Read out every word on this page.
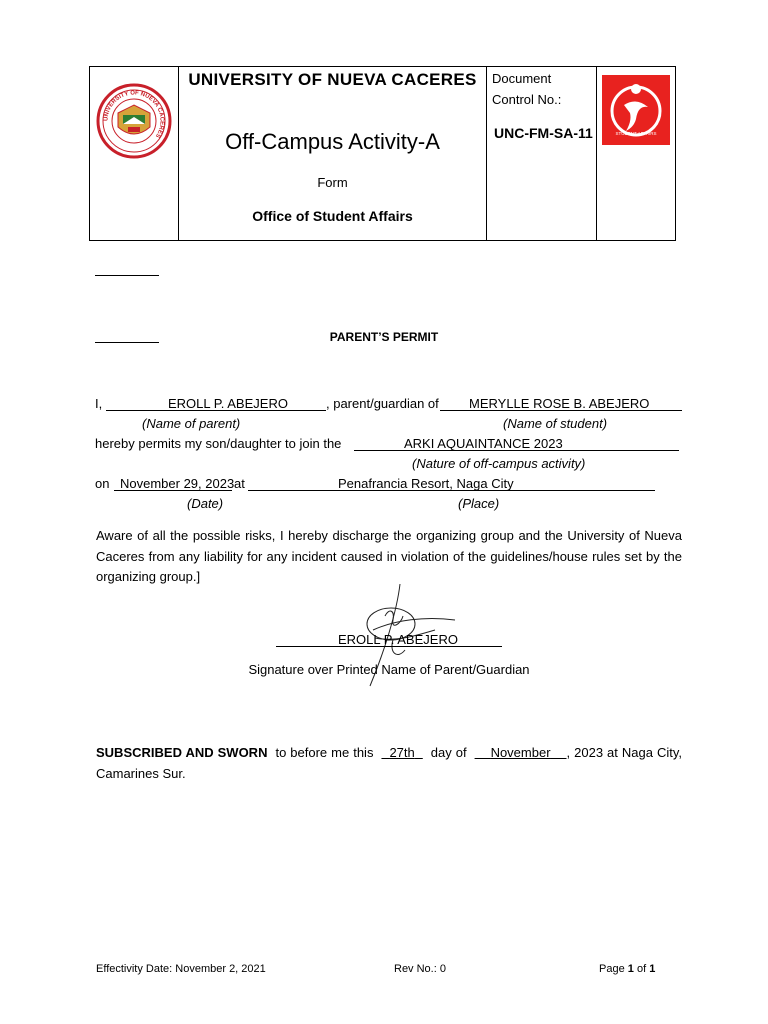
UNIVERSITY OF NUEVA CACERES
UNIVERSITY OF NUEVA CACERES
Off-Campus Activity-A
Form
Office of Student Affairs
Document Control No.:
UNC-FM-SA-11	STUDENT AFFAIRS
PARENT’S PERMIT
I,	EROLL P. ABEJERO	, parent/guardian of MERYLLE ROSE B. ABEJERO
(Name of parent)	(Name of student)
hereby permits my son/daughter to join the	ARKI AQUAINTANCE 2023
(Nature of off-campus activity)
on November 29, 2023 at	Penafrancia Resort, Naga City
(Date)	(Place)
Aware of all the possible risks, I hereby discharge the organizing group and the University of Nueva Caceres from any liability for any incident caused in violation of the guidelines/house rules set by the organizing group.]
EROLL P. ABEJERO
Signature over Printed Name of Parent/Guardian
SUBSCRIBED AND SWORN to before me this 27th day of November , 2023 at Naga City, Camarines Sur.
Effectivity Date: November 2, 2021	Rev No.: 0	Page 1 of 1
